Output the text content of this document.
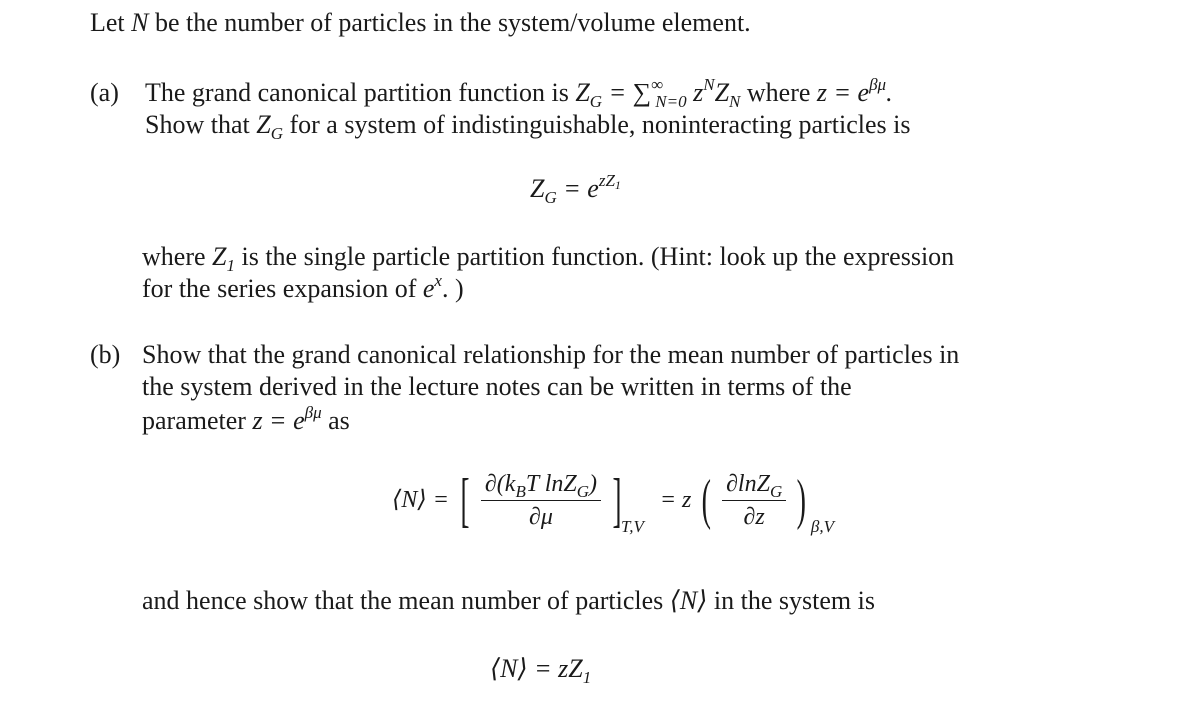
Let N be the number of particles in the system/volume element.
(a) The grand canonical partition function is $Z_G = \sum^\infty_{N=0}$ $z^NZ_N$ where $z = e^{\beta\mu}$.
Show that $Z_G$ for a system of indistinguishable, noninteracting particles is
$Z_G = e^{zZ_1}$
where $Z_1$ is the single particle partition function. (Hint: look up the expression
for the series expansion of $e^x$. )
(b) Show that the grand canonical relationship for the mean number of particles in
the system derived in the lecture notes can be written in terms of the
parameter $z = e^{\beta\mu}$ as
⟨N⟩ = [ $\frac{\partial(k_BT \ln Z_G)}{\partial\mu} ]T,V = z$ ( $\frac{\partial\ln Z_G}{\partial z}$ ) β,V
and hence show that the mean number of particles ⟨N⟩ in the system is
⟨N⟩ = $zZ_1$
